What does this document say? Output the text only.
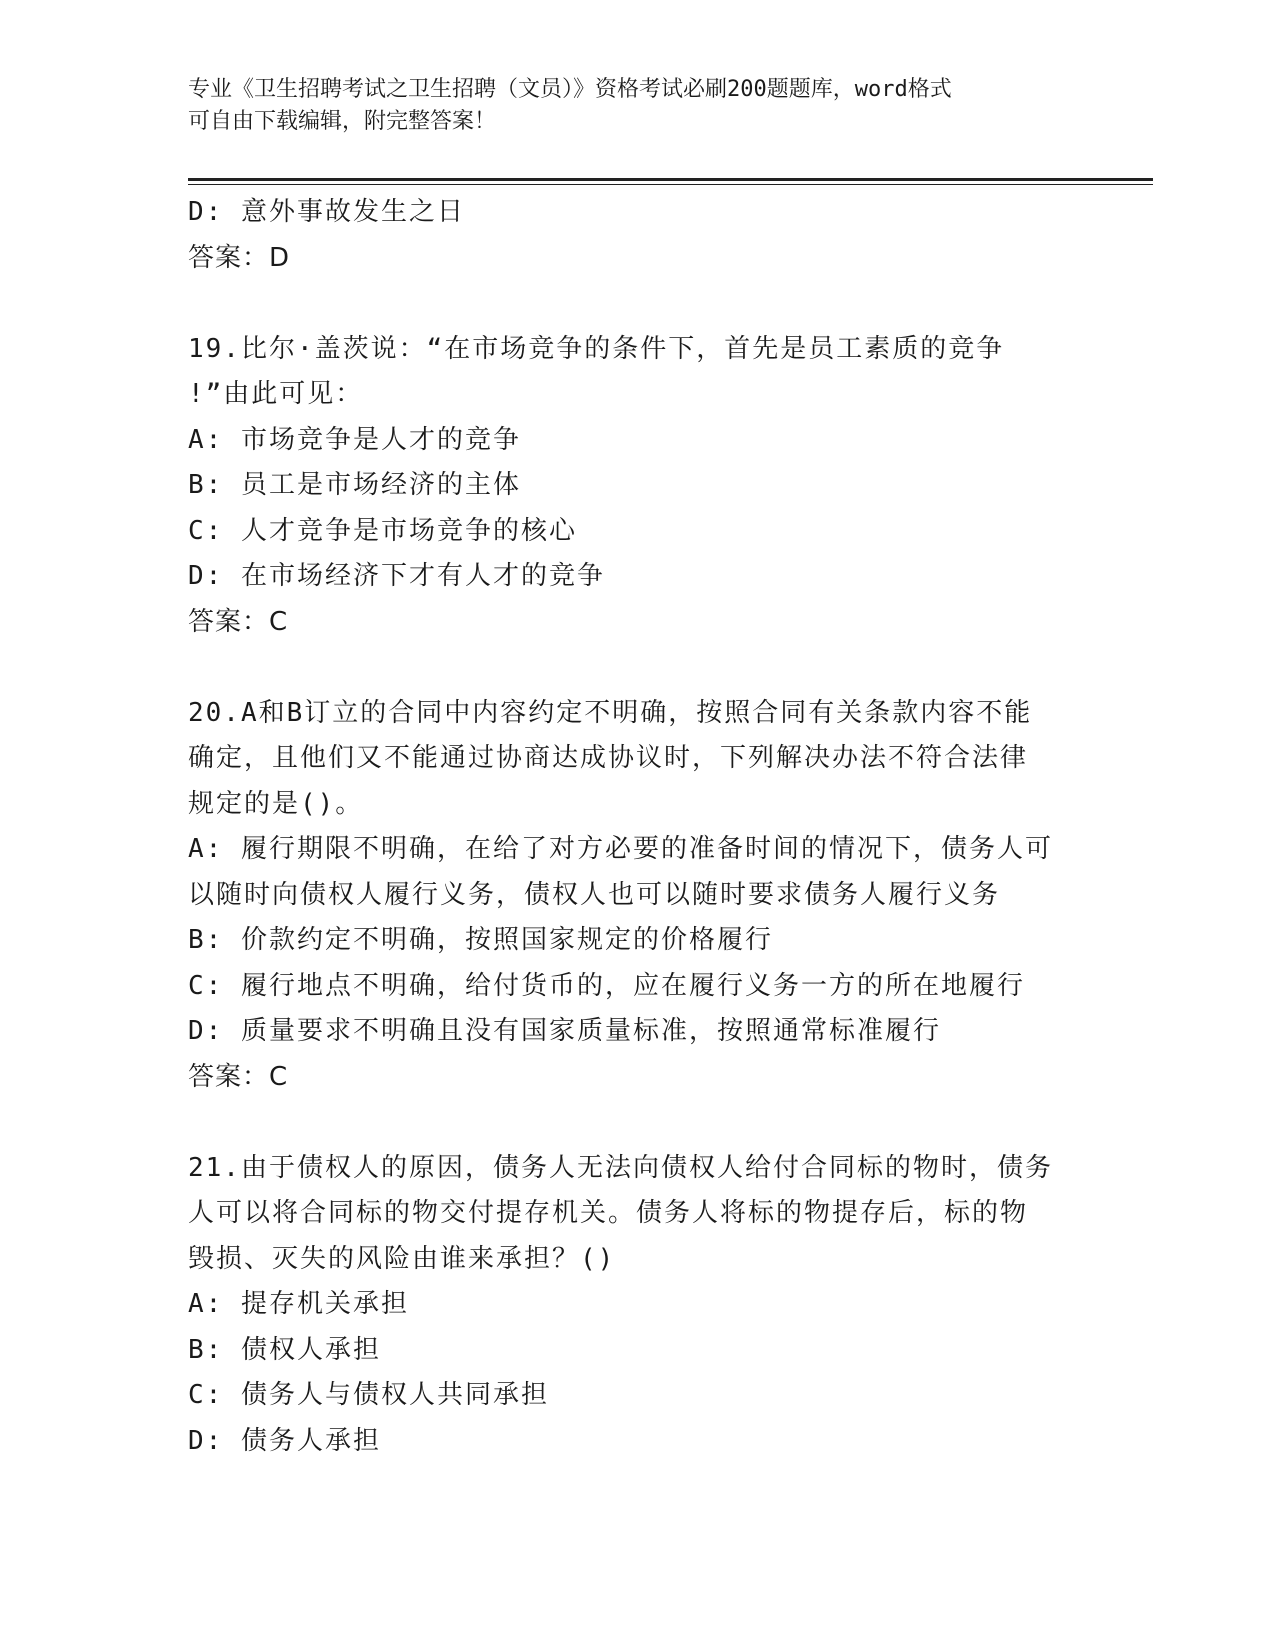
专业《卫生招聘考试之卫生招聘（文员）》资格考试必刷200题题库，word格式
可自由下载编辑，附完整答案！
D: 意外事故发生之日
答案：D
19.比尔·盖茨说：“在市场竞争的条件下，首先是员工素质的竞争
!”由此可见：
A: 市场竞争是人才的竞争
B: 员工是市场经济的主体
C: 人才竞争是市场竞争的核心
D: 在市场经济下才有人才的竞争
答案：C
20.A和B订立的合同中内容约定不明确，按照合同有关条款内容不能
确定，且他们又不能通过协商达成协议时，下列解决办法不符合法律
规定的是()。
A: 履行期限不明确，在给了对方必要的准备时间的情况下，债务人可
以随时向债权人履行义务，债权人也可以随时要求债务人履行义务
B: 价款约定不明确，按照国家规定的价格履行
C: 履行地点不明确，给付货币的，应在履行义务一方的所在地履行
D: 质量要求不明确且没有国家质量标准，按照通常标准履行
答案：C
21.由于债权人的原因，债务人无法向债权人给付合同标的物时，债务
人可以将合同标的物交付提存机关。债务人将标的物提存后，标的物
毁损、灭失的风险由谁来承担？()
A: 提存机关承担
B: 债权人承担
C: 债务人与债权人共同承担
D: 债务人承担
